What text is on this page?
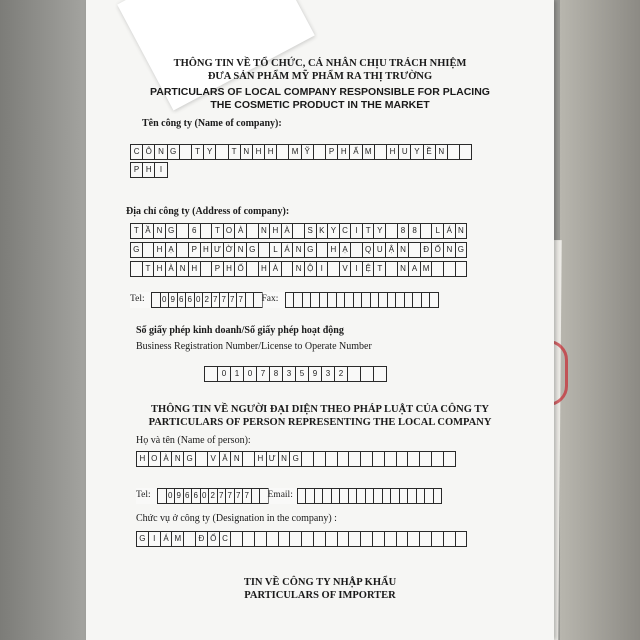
THÔNG TIN VỀ TỔ CHỨC, CÁ NHÂN CHỊU TRÁCH NHIỆM
ĐƯA SẢN PHẨM MỸ PHẨM RA THỊ TRƯỜNG
PARTICULARS OF LOCAL COMPANY RESPONSIBLE FOR PLACING
THE COSMETIC PRODUCT IN THE MARKET
Tên công ty (Name of company):
Địa chỉ công ty (Address of company):
Số giấy phép kinh doanh/Số giấy phép hoạt động
Business Registration Number/License to Operate Number
THÔNG TIN VỀ NGƯỜI ĐẠI DIỆN THEO PHÁP LUẬT CỦA CÔNG TY
PARTICULARS OF PERSON REPRESENTING THE LOCAL COMPANY
Họ và tên (Name of person):
Chức vụ ở công ty (Designation in the company) :
TIN VỀ CÔNG TY NHẬP KHẨU
PARTICULARS OF IMPORTER
C Ô N G	T Y	T N H H	M Ỹ	P H Ẩ M	H U Y Ề N
P H	I
T Ầ N G	6	T O À	N H À	S K Y C I	T Y	8 8	L Á N
G	H Ạ	P H Ư Ờ N G	L Á N G	H Ạ	Q U Ậ N	Đ Ố N G
T H À N H	P H Ố	H À	N Ộ I	V I Ệ T	N A M
Tel:	0 9 6 6 0 2 7 7 7 7 Fax:
0	1	0	7	8	3	5	9	3	2
H O À N G	V Ă N	H Ư N G
Tel:	0 9 6 6 0 2 7 7 7 7 Email:
G I	Á M	Đ Ố C
